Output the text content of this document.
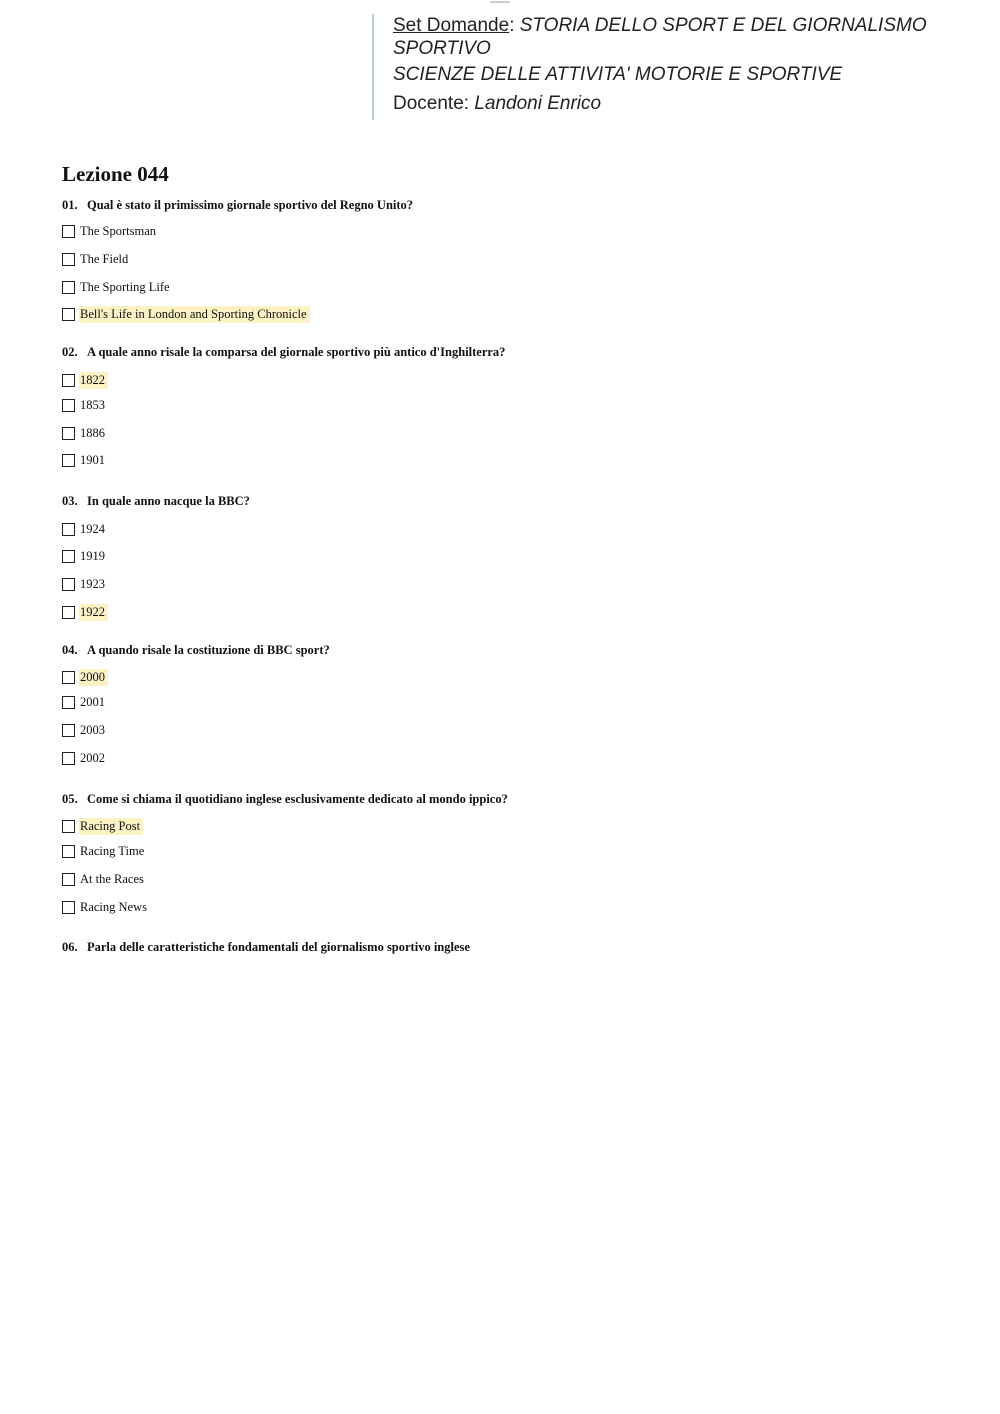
Set Domande: STORIA DELLO SPORT E DEL GIORNALISMO
SPORTIVO
SCIENZE DELLE ATTIVITA' MOTORIE E SPORTIVE
Docente: Landoni Enrico
Lezione 044
01. Qual è stato il primissimo giornale sportivo del Regno Unito?
The Sportsman
The Field
The Sporting Life
Bell's Life in London and Sporting Chronicle
02. A quale anno risale la comparsa del giornale sportivo più antico d'Inghilterra?
1822
1853
1886
1901
03. In quale anno nacque la BBC?
1924
1919
1923
1922
04. A quando risale la costituzione di BBC sport?
2000
2001
2003
2002
05. Come si chiama il quotidiano inglese esclusivamente dedicato al mondo ippico?
Racing Post
Racing Time
At the Races
Racing News
06. Parla delle caratteristiche fondamentali del giornalismo sportivo inglese
